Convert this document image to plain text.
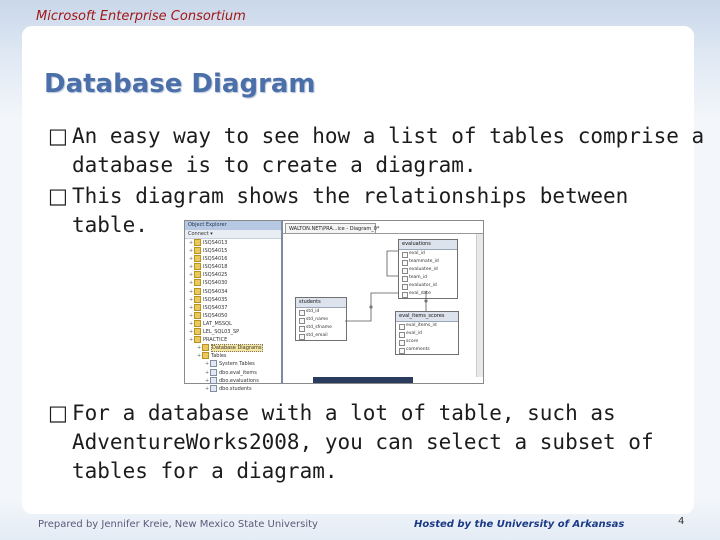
Microsoft Enterprise Consortium
Database Diagram
□ An easy way to see how a list of tables comprise a database is to create a diagram.
□ This diagram shows the relationships between table.	Object Explorer
Connect ▾
+ ISQS4013
+ ISQS4015
+ ISQS4016
+ ISQS4018
+ ISQS4025
+ ISQS4030
+ ISQS4034
+ ISQS4035
+ ISQS4037
+ ISQS4050
+ LAT_MSSQL
+ LEL_SQL03_SP
+ PRACTICE
+ Database Diagrams
+ Tables
+ System Tables
+ dbo.eval_items
+ dbo.evaluations
+ dbo.students
WALTON.NET\PRA...ice - Diagram_0*
evaluations
eval_id
teammate_id
evaluatee_id
team_id
evaluator_id
eval_date
students
std_id
std_name
std_sfname
std_email
eval_items_scores
eval_items_id
eval_id
score
comments
□ For a database with a lot of table, such as AdventureWorks2008, you can select a subset of tables for a diagram.
Prepared by Jennifer Kreie, New Mexico State University	Hosted by the University of Arkansas	4
